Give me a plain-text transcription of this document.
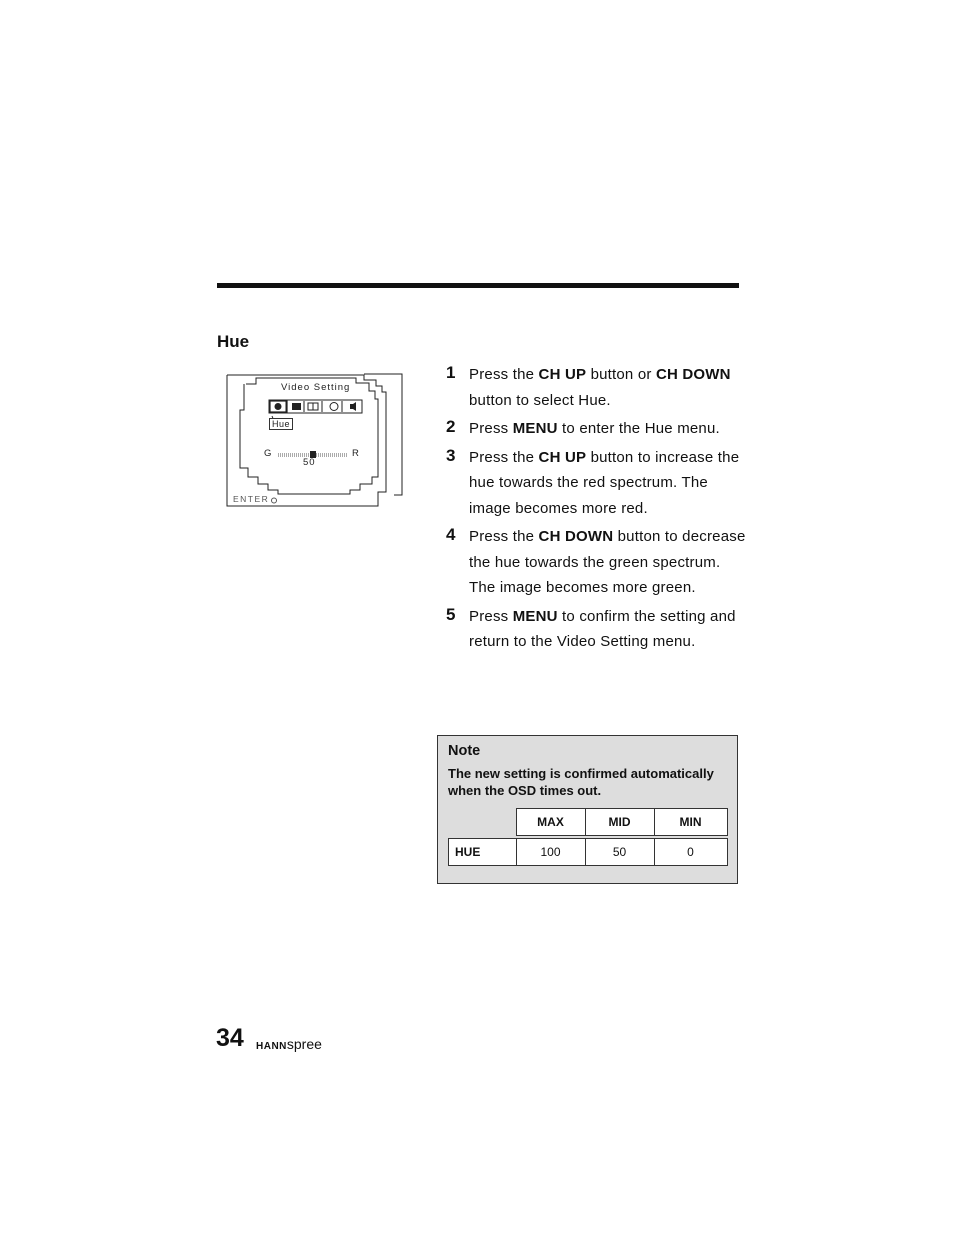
Hue
Video Setting
Hue
G	R
50
ENTER
1 Press the CH UP button or CH DOWN button to select Hue.
2 Press MENU to enter the Hue menu.
3 Press the CH UP button to increase the hue towards the red spectrum. The image becomes more red.
4 Press the CH DOWN button to decrease the hue towards the green spectrum. The image becomes more green.
5 Press MENU to confirm the setting and return to the Video Setting menu.
Note
The new setting is confirmed automatically when the OSD times out.
	MAX	MID	MIN

HUE	100	50	0
34 HANNspree
